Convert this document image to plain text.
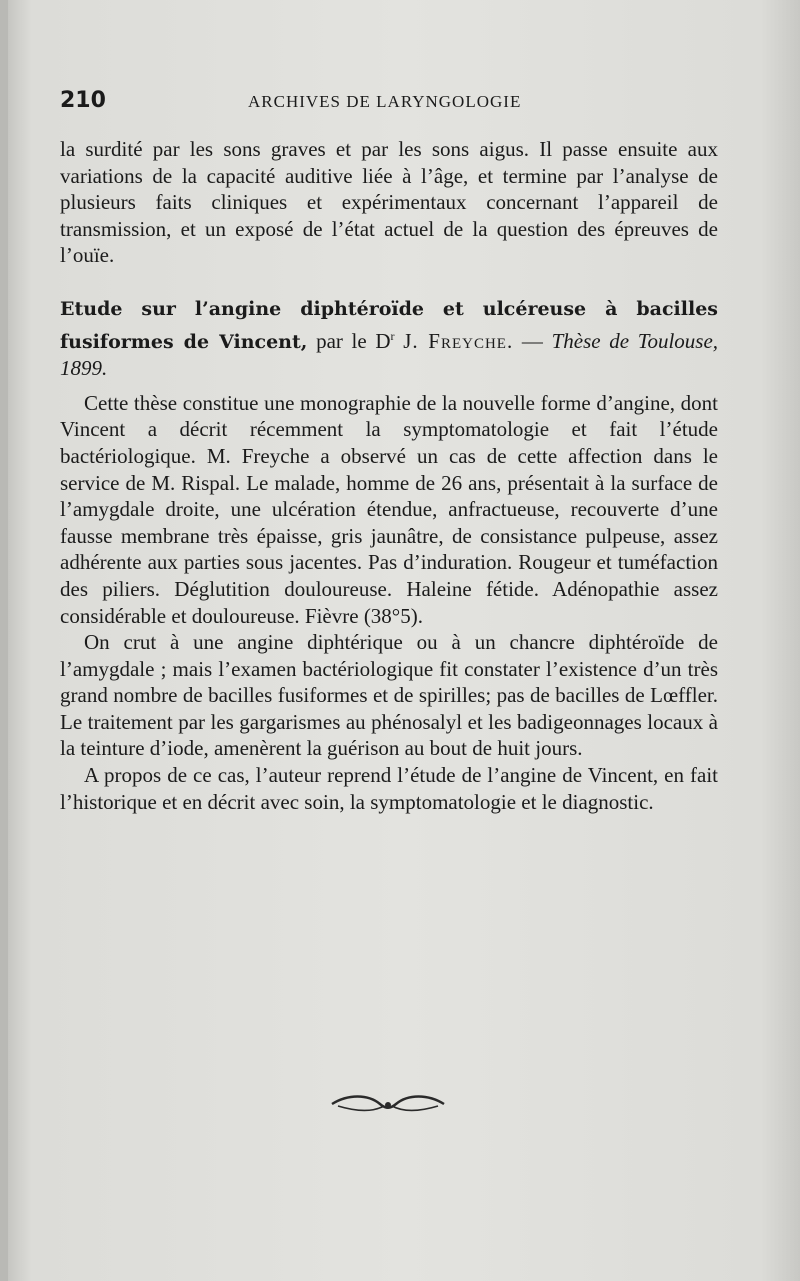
210	ARCHIVES DE LARYNGOLOGIE

la surdité par les sons graves et par les sons aigus. Il passe ensuite aux variations de la capacité auditive liée à l’âge, et termine par l’analyse de plusieurs faits cliniques et expérimentaux concernant l’appareil de transmission, et un exposé de l’état actuel de la question des épreuves de l’ouïe.

Etude sur l’angine diphtéroïde et ulcéreuse à bacilles fusiformes de Vincent, par le $D^r$ J. Freyche. — Thèse de Toulouse, 1899.

Cette thèse constitue une monographie de la nouvelle forme d’angine, dont Vincent a décrit récemment la symptomatologie et fait l’étude bactériologique. M. Freyche a observé un cas de cette affection dans le service de M. Rispal. Le malade, homme de 26 ans, présentait à la surface de l’amygdale droite, une ulcération étendue, anfractueuse, recouverte d’une fausse membrane très épaisse, gris jaunâtre, de consistance pulpeuse, assez adhérente aux parties sous jacentes. Pas d’induration. Rougeur et tuméfaction des piliers. Déglutition douloureuse. Haleine fétide. Adénopathie assez considérable et douloureuse. Fièvre (38°5).

On crut à une angine diphtérique ou à un chancre diphtéroïde de l’amygdale ; mais l’examen bactériologique fit constater l’existence d’un très grand nombre de bacilles fusiformes et de spirilles; pas de bacilles de Lœffler. Le traitement par les gargarismes au phénosalyl et les badigeonnages locaux à la teinture d’iode, amenèrent la guérison au bout de huit jours.

A propos de ce cas, l’auteur reprend l’étude de l’angine de Vincent, en fait l’historique et en décrit avec soin, la symptomatologie et le diagnostic.
